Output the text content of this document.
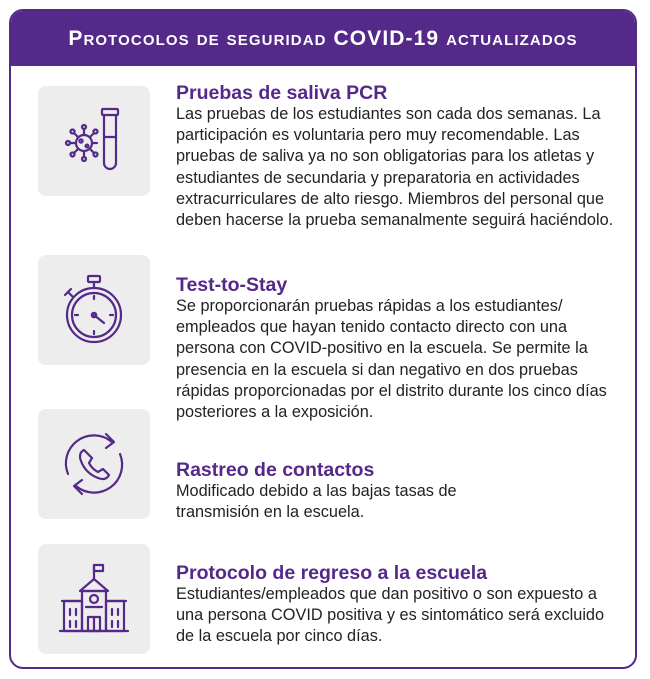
Protocolos de seguridad COVID-19 actualizados

Pruebas de saliva PCR

Las pruebas de los estudiantes son cada dos semanas. La participación es voluntaria pero muy recomendable. Las pruebas de saliva ya no son obligatorias para los atletas y estudiantes de secundaria y preparatoria en actividades extracurriculares de alto riesgo. Miembros del personal que deben hacerse la prueba semanalmente seguirá haciéndolo.

Test-to-Stay

Se proporcionarán pruebas rápidas a los estudiantes/ empleados que hayan tenido contacto directo con una persona con COVID-positivo en la escuela. Se permite la presencia en la escuela si dan negativo en dos pruebas rápidas proporcionadas por el distrito durante los cinco días posteriores a la exposición.

Rastreo de contactos

Modificado debido a las bajas tasas de transmisión en la escuela.

Protocolo de regreso a la escuela

Estudiantes/empleados que dan positivo o son expuesto a una persona COVID positiva y es sintomático será excluido de la escuela por cinco días.
